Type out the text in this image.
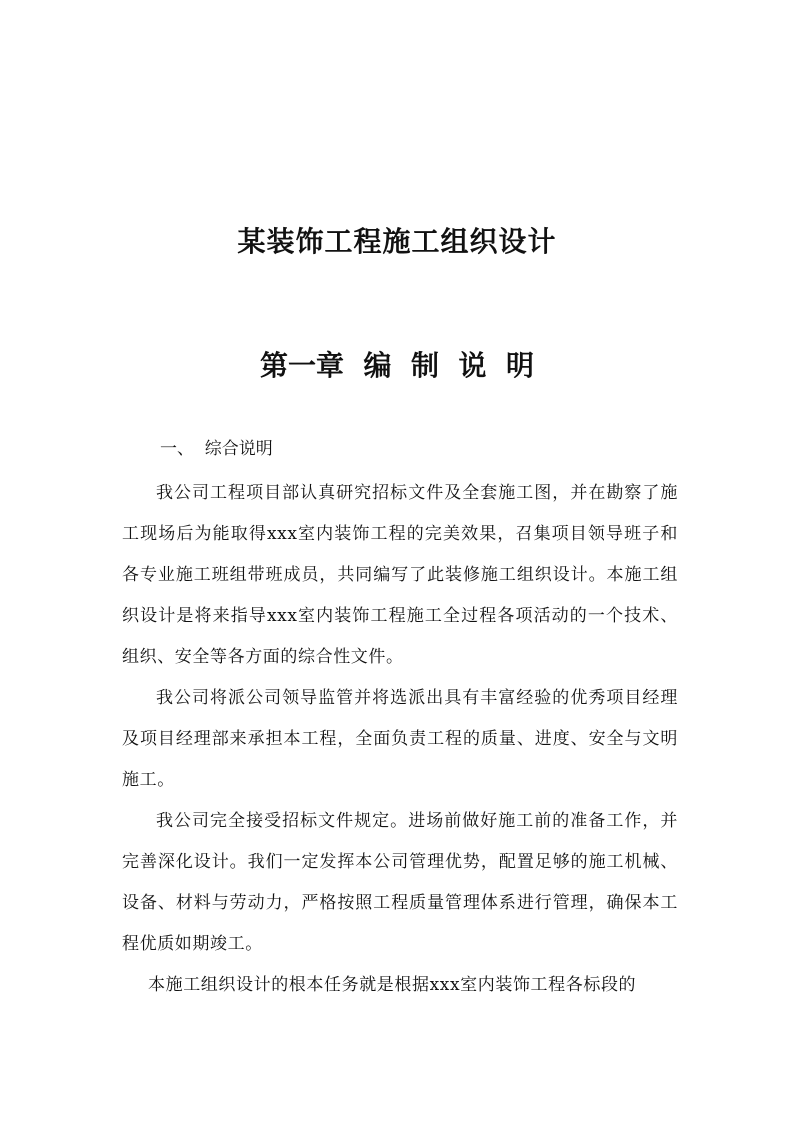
某装饰工程施工组织设计
第一章  编  制  说  明

一、  综合说明

我公司工程项目部认真研究招标文件及全套施工图，并在勘察了施工现场后为能取得xxx室内装饰工程的完美效果，召集项目领导班子和各专业施工班组带班成员，共同编写了此装修施工组织设计。本施工组织设计是将来指导xxx室内装饰工程施工全过程各项活动的一个技术、组织、安全等各方面的综合性文件。

我公司将派公司领导监管并将选派出具有丰富经验的优秀项目经理及项目经理部来承担本工程，全面负责工程的质量、进度、安全与文明施工。

我公司完全接受招标文件规定。进场前做好施工前的准备工作，并完善深化设计。我们一定发挥本公司管理优势，配置足够的施工机械、设备、材料与劳动力，严格按照工程质量管理体系进行管理，确保本工程优质如期竣工。

本施工组织设计的根本任务就是根据xxx室内装饰工程各标段的
